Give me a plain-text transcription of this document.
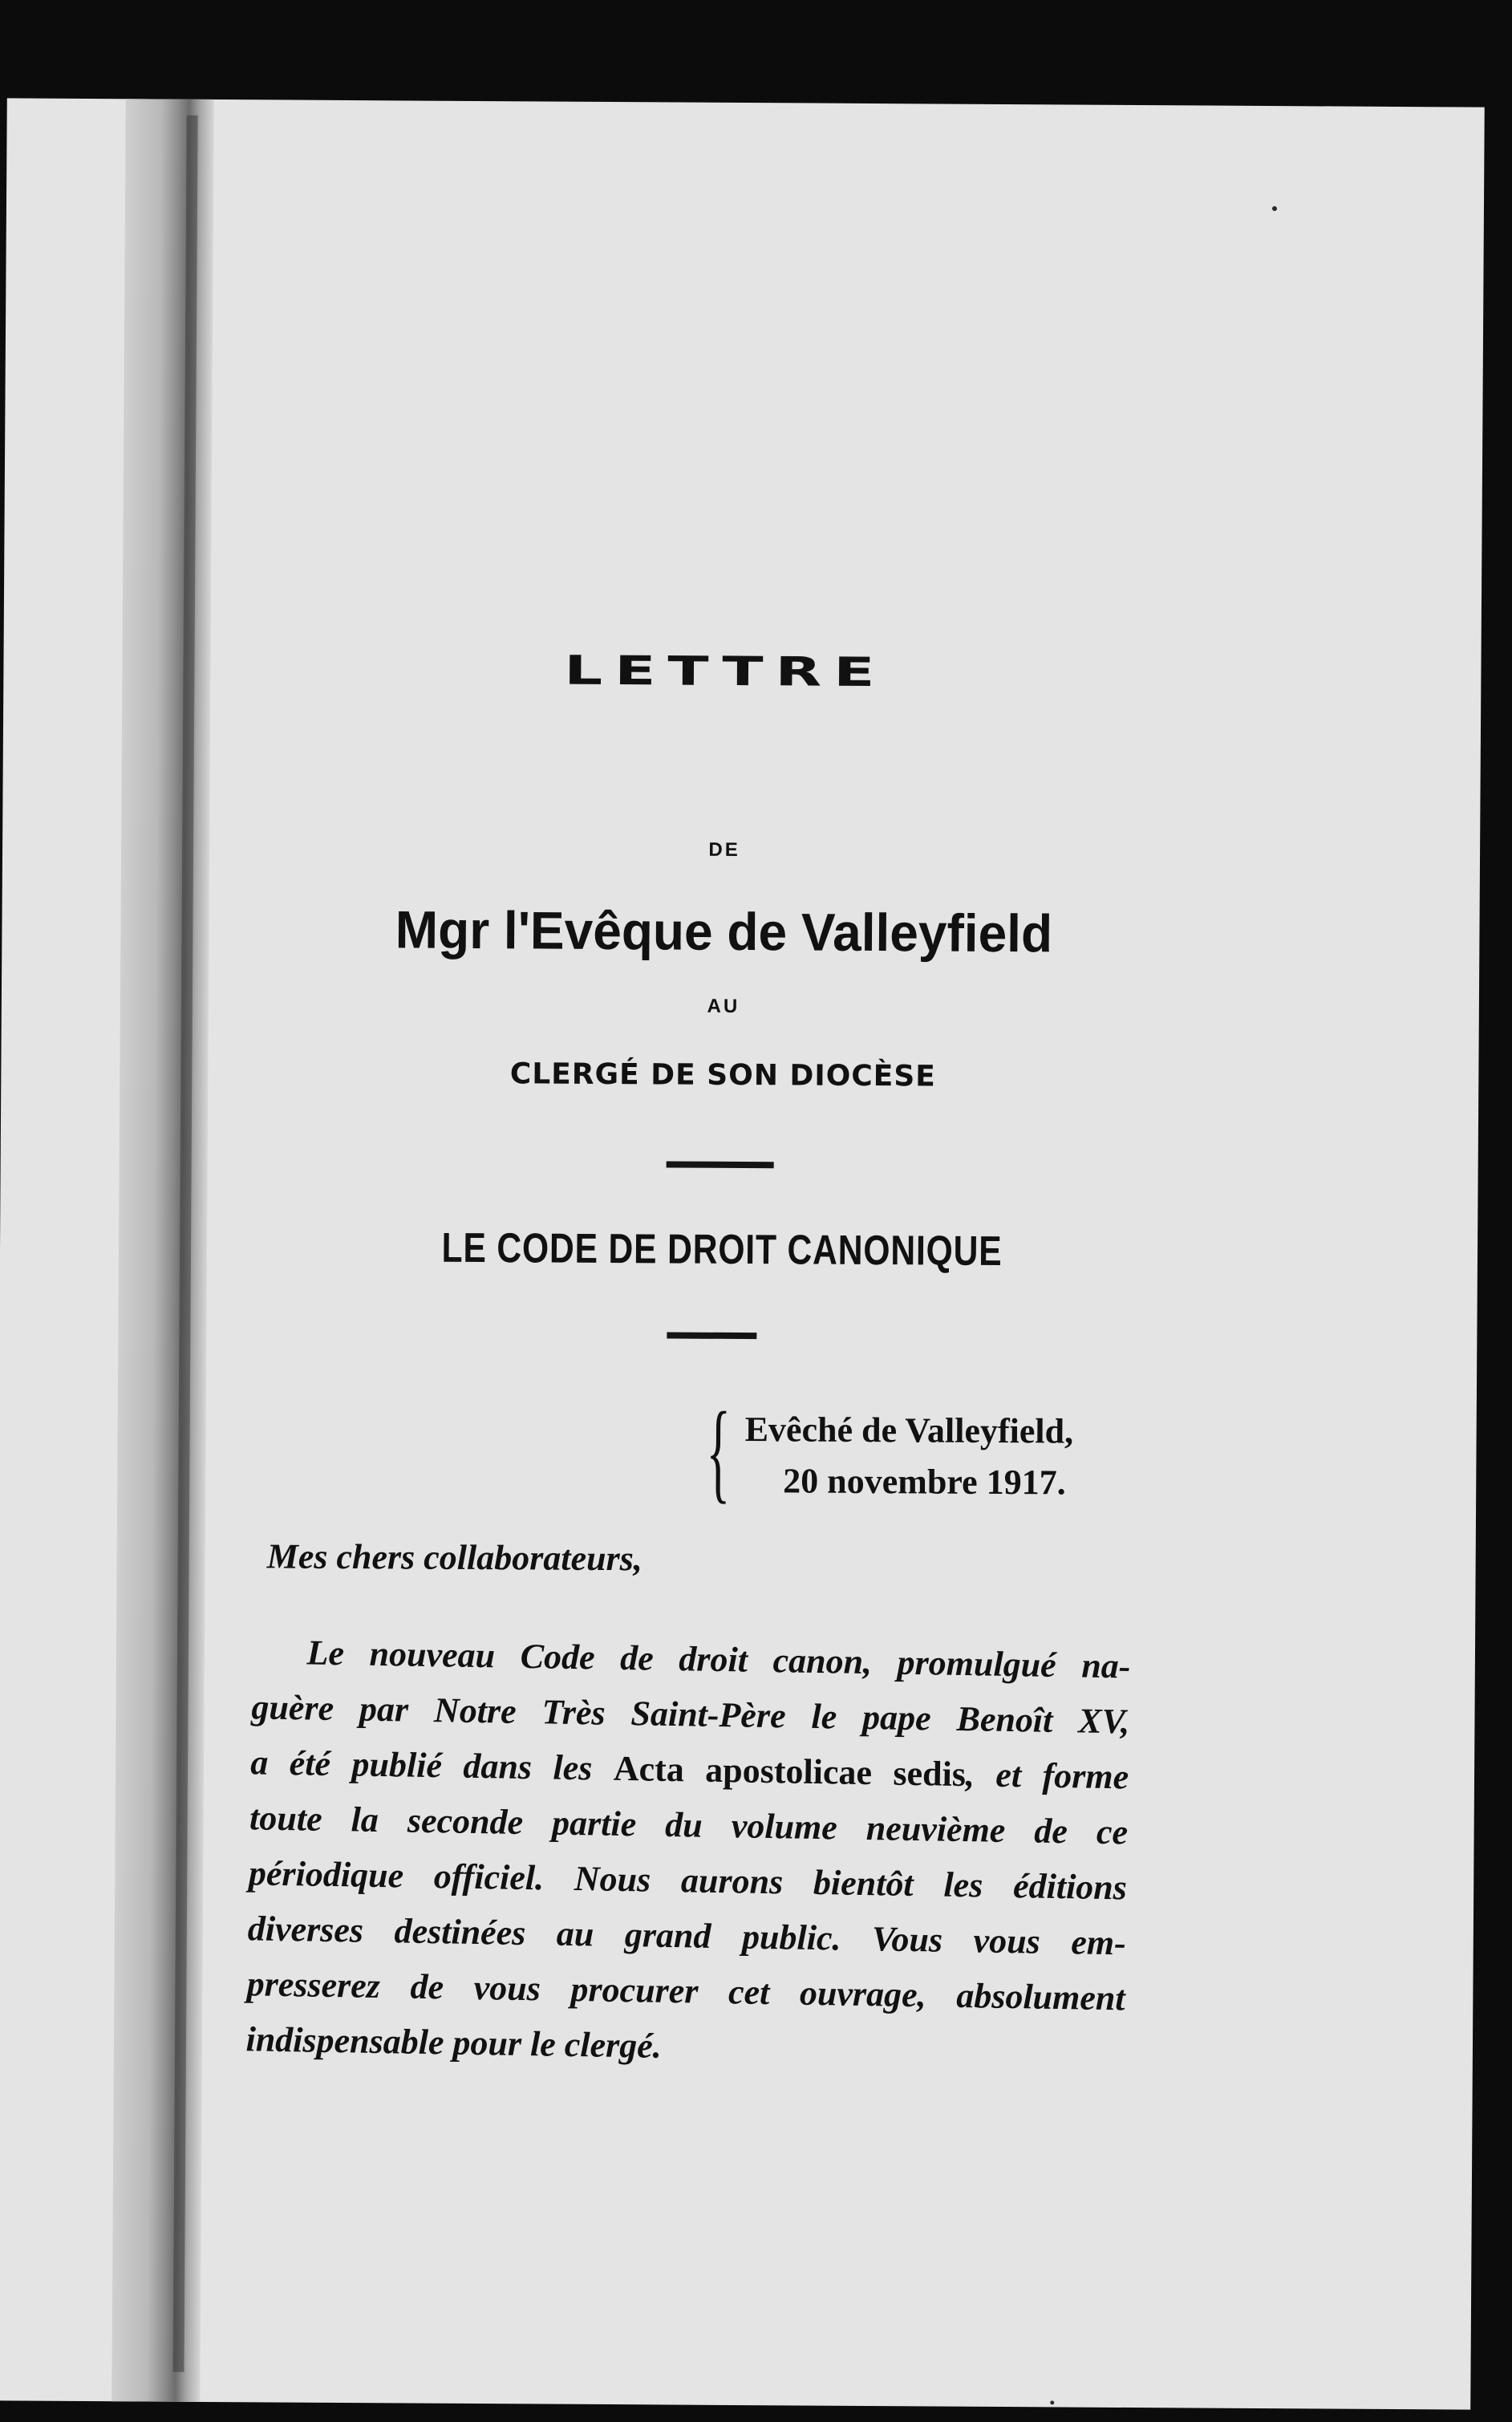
LETTRE
DE
Mgr l'Evêque de Valleyfield
AU
CLERGÉ DE SON DIOCÈSE
LE CODE DE DROIT CANONIQUE
{ Evêché de Valleyfield,
20 novembre 1917.
Mes chers collaborateurs,
Le nouveau Code de droit canon, promulgué na-
guère par Notre Très Saint-Père le pape Benoît XV,
a été publié dans les Acta apostolicae sedis, et forme
toute la seconde partie du volume neuvième de ce
périodique officiel. Nous aurons bientôt les éditions
diverses destinées au grand public. Vous vous em-
presserez de vous procurer cet ouvrage, absolument
indispensable pour le clergé.
